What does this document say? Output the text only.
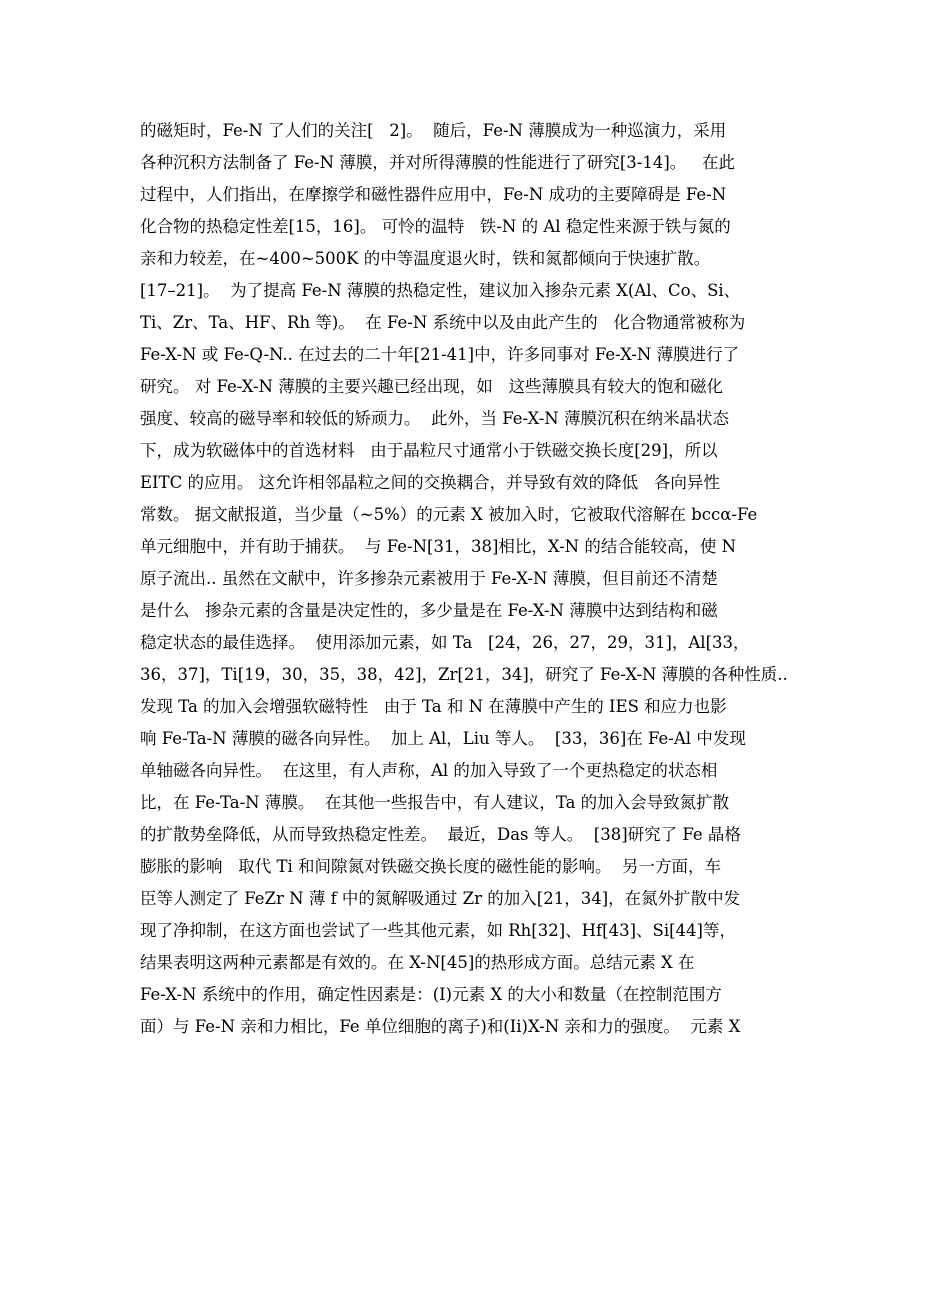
的磁矩时，Fe-N 了人们的关注[   2]。  随后，Fe-N 薄膜成为一种巡演力，采用
各种沉积方法制备了 Fe-N 薄膜，并对所得薄膜的性能进行了研究[3-14]。   在此
过程中，人们指出，在摩擦学和磁性器件应用中，Fe-N 成功的主要障碍是 Fe-N
化合物的热稳定性差[15，16]。 可怜的温特   铁-N 的 Al 稳定性来源于铁与氮的
亲和力较差，在~400~500K 的中等温度退火时，铁和氮都倾向于快速扩散。
[17–21]。  为了提高 Fe-N 薄膜的热稳定性，建议加入掺杂元素 X(Al、Co、Si、
Ti、Zr、Ta、HF、Rh 等)。  在 Fe-N 系统中以及由此产生的   化合物通常被称为
Fe-X-N 或 Fe-Q-N.. 在过去的二十年[21-41]中，许多同事对 Fe-X-N 薄膜进行了
研究。 对 Fe-X-N 薄膜的主要兴趣已经出现，如   这些薄膜具有较大的饱和磁化
强度、较高的磁导率和较低的矫顽力。  此外，当 Fe-X-N 薄膜沉积在纳米晶状态
下，成为软磁体中的首选材料   由于晶粒尺寸通常小于铁磁交换长度[29]，所以
EITC 的应用。 这允许相邻晶粒之间的交换耦合，并导致有效的降低   各向异性
常数。 据文献报道，当少量（~5%）的元素 X 被加入时，它被取代溶解在 bccα-Fe
单元细胞中，并有助于捕获。  与 Fe-N[31，38]相比，X-N 的结合能较高，使 N
原子流出.. 虽然在文献中，许多掺杂元素被用于 Fe-X-N 薄膜，但目前还不清楚
是什么   掺杂元素的含量是决定性的，多少量是在 Fe-X-N 薄膜中达到结构和磁
稳定状态的最佳选择。  使用添加元素，如 Ta   [24，26，27，29，31]，Al[33，
36，37]，Ti[19，30，35，38，42]，Zr[21，34]，研究了 Fe-X-N 薄膜的各种性质..
发现 Ta 的加入会增强软磁特性   由于 Ta 和 N 在薄膜中产生的 IES 和应力也影
响 Fe-Ta-N 薄膜的磁各向异性。  加上 Al，Liu 等人。  [33，36]在 Fe-Al 中发现
单轴磁各向异性。  在这里，有人声称，Al 的加入导致了一个更热稳定的状态相
比，在 Fe-Ta-N 薄膜。  在其他一些报告中，有人建议，Ta 的加入会导致氮扩散
的扩散势垒降低，从而导致热稳定性差。  最近，Das 等人。  [38]研究了 Fe 晶格
膨胀的影响   取代 Ti 和间隙氮对铁磁交换长度的磁性能的影响。  另一方面，车
臣等人测定了 FeZr N 薄 f 中的氮解吸通过 Zr 的加入[21，34]，在氮外扩散中发
现了净抑制，在这方面也尝试了一些其他元素，如 Rh[32]、Hf[43]、Si[44]等，
结果表明这两种元素都是有效的。在 X-N[45]的热形成方面。总结元素 X 在
Fe-X-N 系统中的作用，确定性因素是：(I)元素 X 的大小和数量（在控制范围方
面）与 Fe-N 亲和力相比，Fe 单位细胞的离子)和(Ii)X-N 亲和力的强度。  元素 X
